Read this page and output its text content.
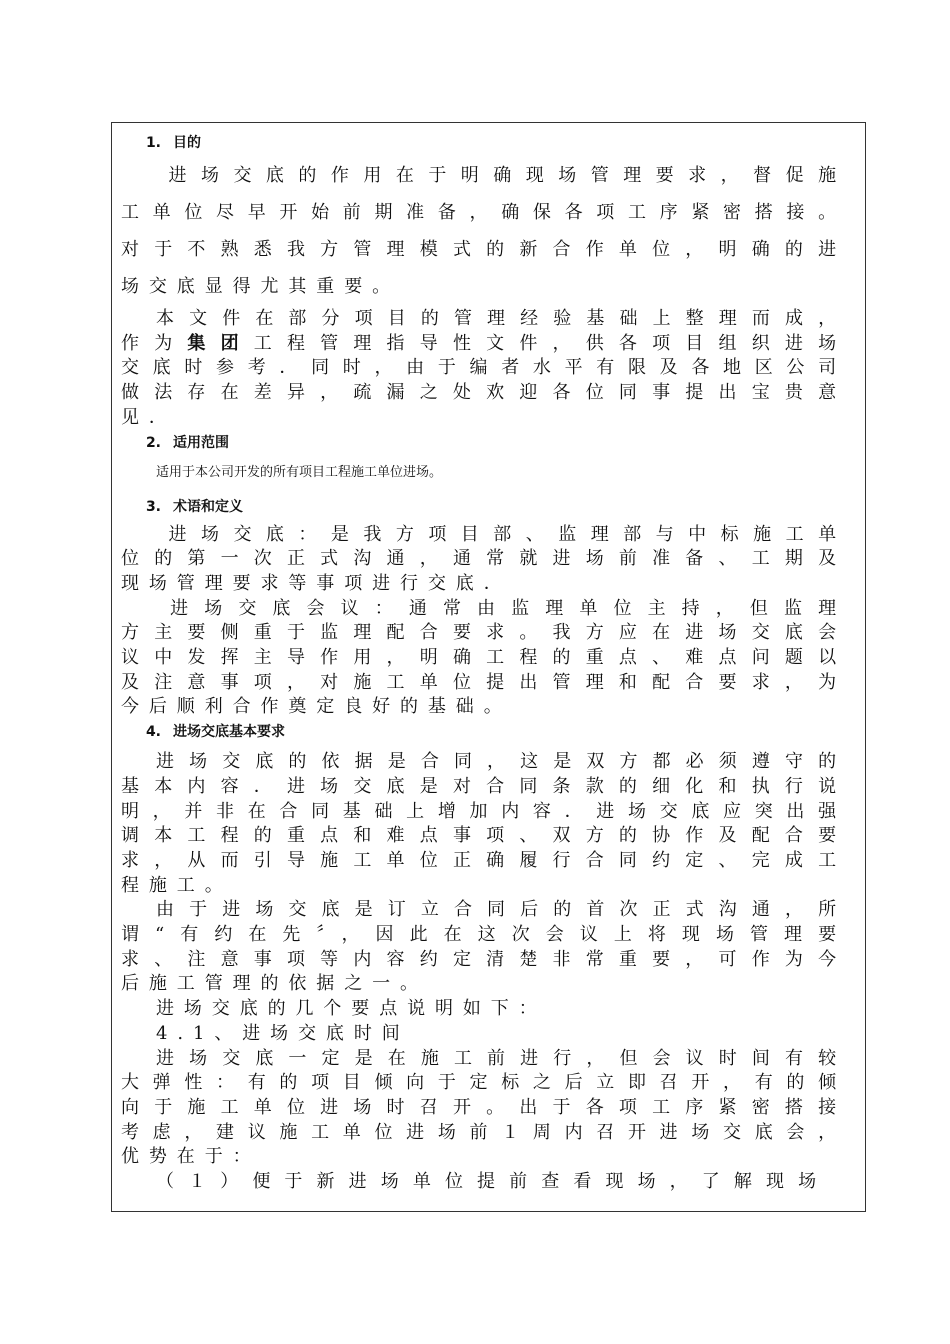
1. 目的
　进场交底的作用在于明确现场管理要求，督促施
工单位尽早开始前期准备，确保各项工序紧密搭接。
对于不熟悉我方管理模式的新合作单位，明确的进
场交底显得尤其重要。
本文件在部分项目的管理经验基础上整理而成，
作为集团工程管理指导性文件，供各项目组织进场
交底时参考．同时，由于编者水平有限及各地区公司
做法存在差异，疏漏之处欢迎各位同事提出宝贵意
见．
2. 适用范围
适用于本公司开发的所有项目工程施工单位进场。
3. 术语和定义
　进场交底：是我方项目部、监理部与中标施工单
位的第一次正式沟通，通常就进场前准备、工期及
现场管理要求等事项进行交底．
　进场交底会议：通常由监理单位主持，但监理
方主要侧重于监理配合要求。我方应在进场交底会
议中发挥主导作用，明确工程的重点、难点问题以
及注意事项，对施工单位提出管理和配合要求，为
今后顺利合作奠定良好的基础。
4. 进场交底基本要求
进场交底的依据是合同，这是双方都必须遵守的
基本内容．进场交底是对合同条款的细化和执行说
明，并非在合同基础上增加内容．进场交底应突出强
调本工程的重点和难点事项、双方的协作及配合要
求，从而引导施工单位正确履行合同约定、完成工
程施工。
由于进场交底是订立合同后的首次正式沟通，所
谓“有约在先〞，因此在这次会议上将现场管理要
求、注意事项等内容约定清楚非常重要，可作为今
后施工管理的依据之一。
进场交底的几个要点说明如下：
4.1、进场交底时间
进场交底一定是在施工前进行，但会议时间有较
大弹性：有的项目倾向于定标之后立即召开，有的倾
向于施工单位进场时召开。出于各项工序紧密搭接
考虑，建议施工单位进场前１周内召开进场交底会，
优势在于：
（１）便于新进场单位提前查看现场，了解现场
